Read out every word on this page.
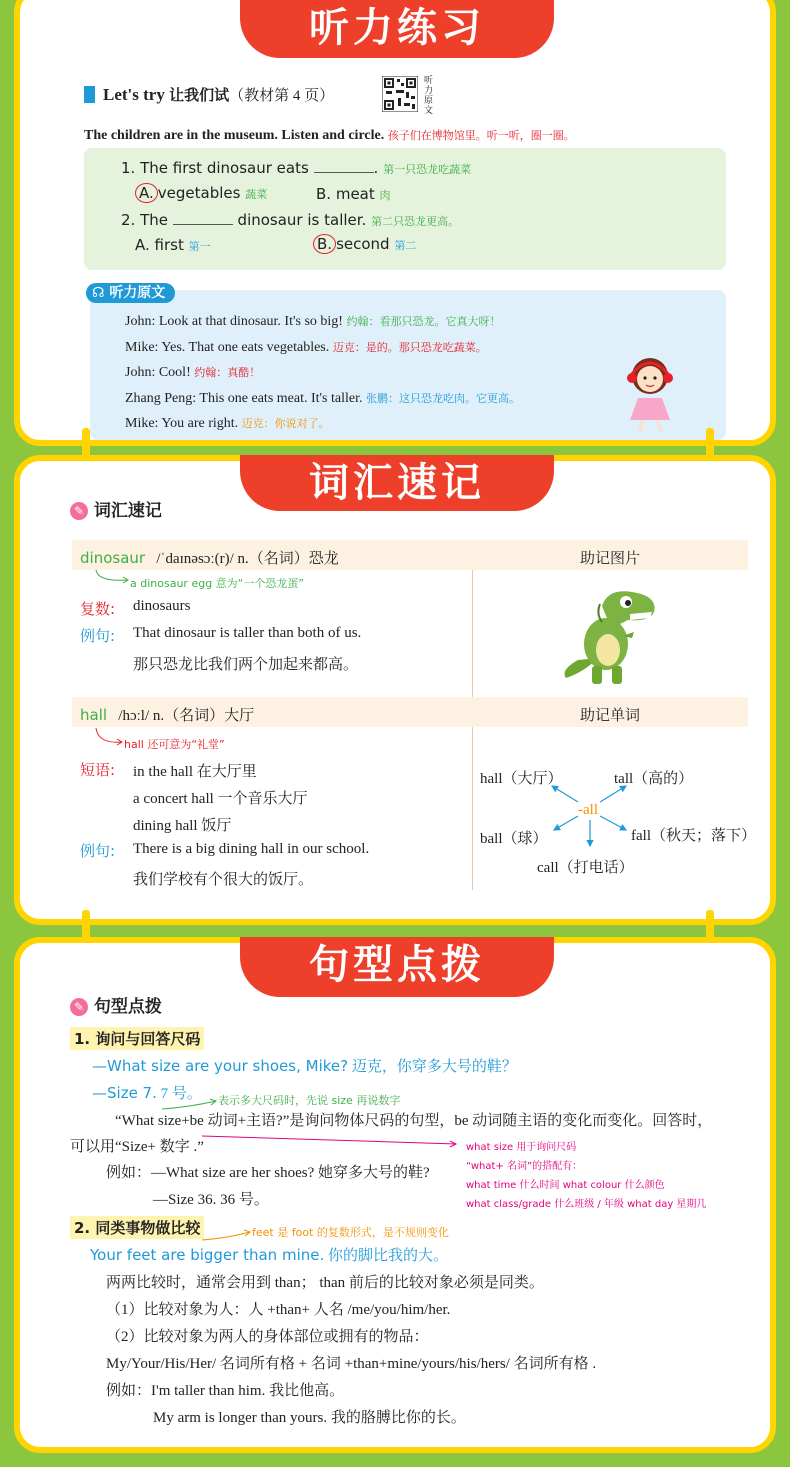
听力练习
Let's try 让我们试（教材第 4 页）
听力原文
The children are in the museum. Listen and circle. 孩子们在博物馆里。听一听，圈一圈。
1. The first dinosaur eats	. 第一只恐龙吃蔬菜
A. vegetables 蔬菜	B. meat 肉
2. The	dinosaur is taller. 第二只恐龙更高。
A. first 第一	B. second 第二
☊ 听力原文
John: Look at that dinosaur. It's so big! 约翰：看那只恐龙。它真大呀！
Mike: Yes. That one eats vegetables. 迈克：是的。那只恐龙吃蔬菜。
John: Cool! 约翰：真酷！
Zhang Peng: This one eats meat. It's taller. 张鹏：这只恐龙吃肉。它更高。
Mike: You are right. 迈克：你说对了。
词汇速记
✎ 词汇速记
dinosaur /ˈdaɪnəsɔː(r)/ n.（名词）恐龙	助记图片
a dinosaur egg 意为“一个恐龙蛋”
复数: dinosaurs
例句: That dinosaur is taller than both of us.
那只恐龙比我们两个加起来都高。
hall /hɔːl/ n.（名词）大厅	助记单词
hall 还可意为“礼堂”
短语: in the hall 在大厅里
a concert hall 一个音乐大厅
dining hall 饭厅
例句: There is a big dining hall in our school.
我们学校有个很大的饭厅。
-all
hall（大厅）	tall（高的）
ball（球）	fall（秋天；落下）
call（打电话）
句型点拨
✎ 句型点拨
1. 询问与回答尺码
—What size are your shoes, Mike? 迈克，你穿多大号的鞋？
—Size 7. 7 号。 表示多大尺码时，先说 size 再说数字
“What size+be 动词+主语?”是询问物体尺码的句型，be 动词随主语的变化而变化。回答时，
可以用“Size+ 数字 .”
例如：—What size are her shoes? 她穿多大号的鞋?
—Size 36. 36 号。
what size 用于询问尺码
“what+ 名词”的搭配有：
what time 什么时间 what colour 什么颜色
what class/grade 什么班级 / 年级 what day 星期几
2. 同类事物做比较	feet 是 foot 的复数形式，是不规则变化
Your feet are bigger than mine. 你的脚比我的大。
两两比较时，通常会用到 than； than 前后的比较对象必须是同类。
（1）比较对象为人：人 +than+ 人名 /me/you/him/her.
（2）比较对象为两人的身体部位或拥有的物品：
My/Your/His/Her/ 名词所有格 + 名词 +than+mine/yours/his/hers/ 名词所有格 .
例如：I'm taller than him. 我比他高。
My arm is longer than yours. 我的胳膊比你的长。
